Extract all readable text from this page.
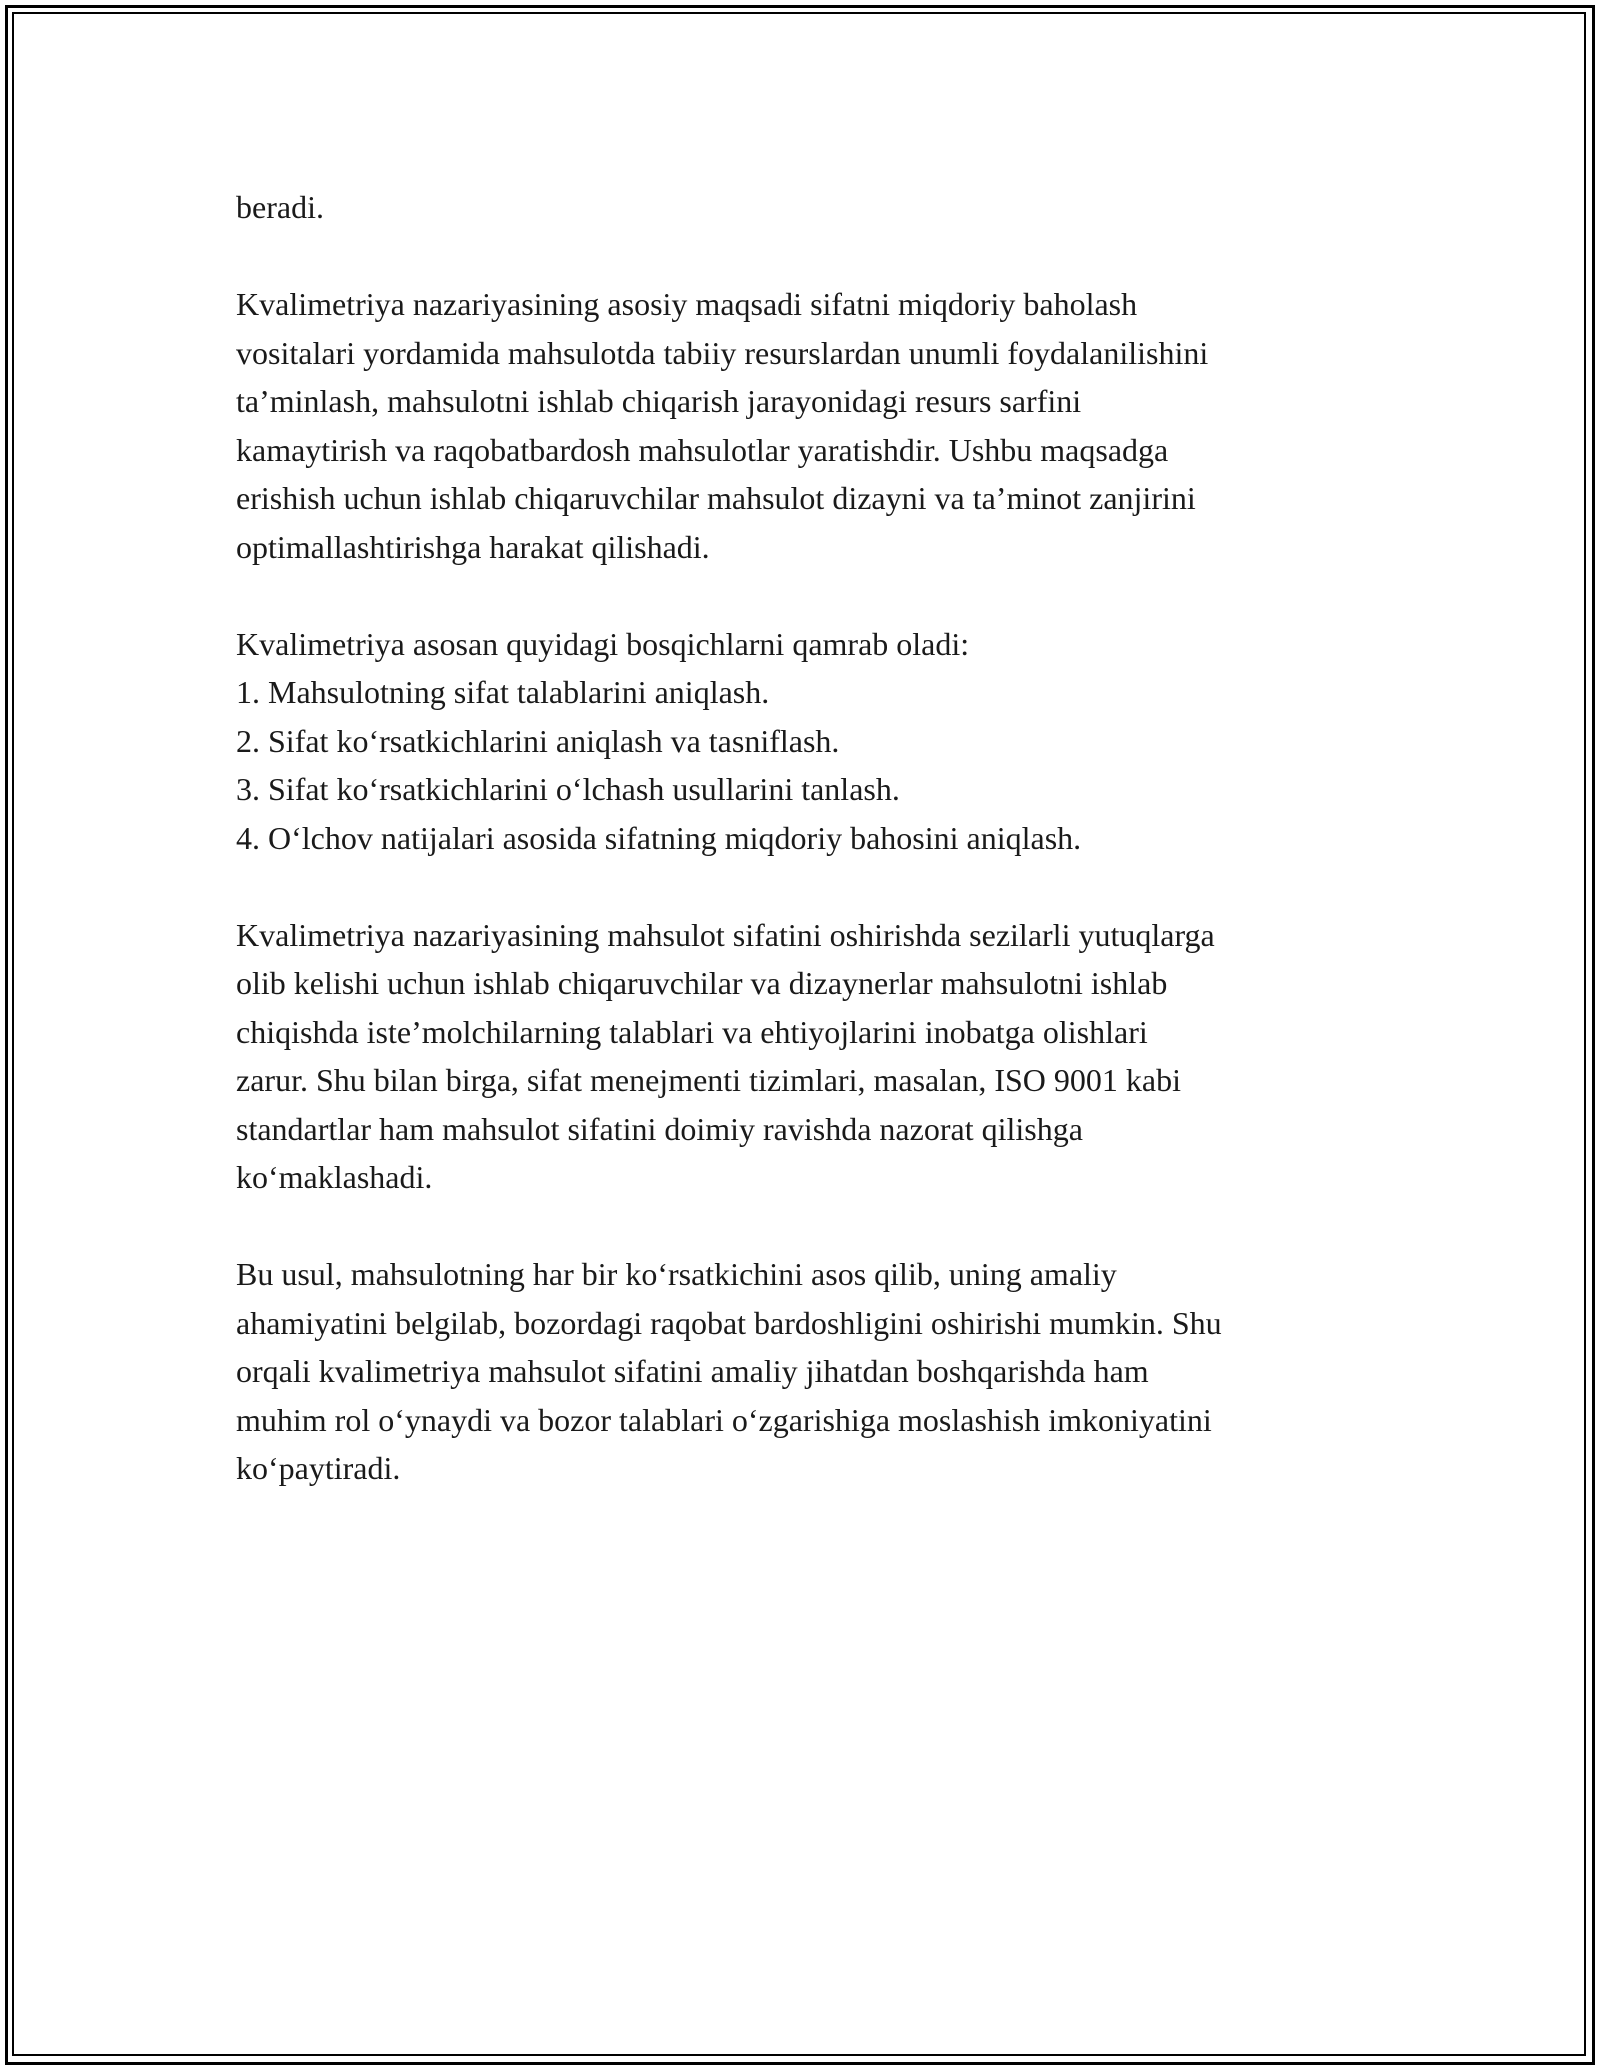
beradi.

Kvalimetriya nazariyasining asosiy maqsadi sifatni miqdoriy baholash
vositalari yordamida mahsulotda tabiiy resurslardan unumli foydalanilishini
ta’minlash, mahsulotni ishlab chiqarish jarayonidagi resurs sarfini
kamaytirish va raqobatbardosh mahsulotlar yaratishdir. Ushbu maqsadga
erishish uchun ishlab chiqaruvchilar mahsulot dizayni va ta’minot zanjirini
optimallashtirishga harakat qilishadi.

Kvalimetriya asosan quyidagi bosqichlarni qamrab oladi:
1. Mahsulotning sifat talablarini aniqlash.
2. Sifat ko‘rsatkichlarini aniqlash va tasniflash.
3. Sifat ko‘rsatkichlarini o‘lchash usullarini tanlash.
4. O‘lchov natijalari asosida sifatning miqdoriy bahosini aniqlash.

Kvalimetriya nazariyasining mahsulot sifatini oshirishda sezilarli yutuqlarga
olib kelishi uchun ishlab chiqaruvchilar va dizaynerlar mahsulotni ishlab
chiqishda iste’molchilarning talablari va ehtiyojlarini inobatga olishlari
zarur. Shu bilan birga, sifat menejmenti tizimlari, masalan, ISO 9001 kabi
standartlar ham mahsulot sifatini doimiy ravishda nazorat qilishga
ko‘maklashadi.

Bu usul, mahsulotning har bir ko‘rsatkichini asos qilib, uning amaliy
ahamiyatini belgilab, bozordagi raqobat bardoshligini oshirishi mumkin. Shu
orqali kvalimetriya mahsulot sifatini amaliy jihatdan boshqarishda ham
muhim rol o‘ynaydi va bozor talablari o‘zgarishiga moslashish imkoniyatini
ko‘paytiradi.
